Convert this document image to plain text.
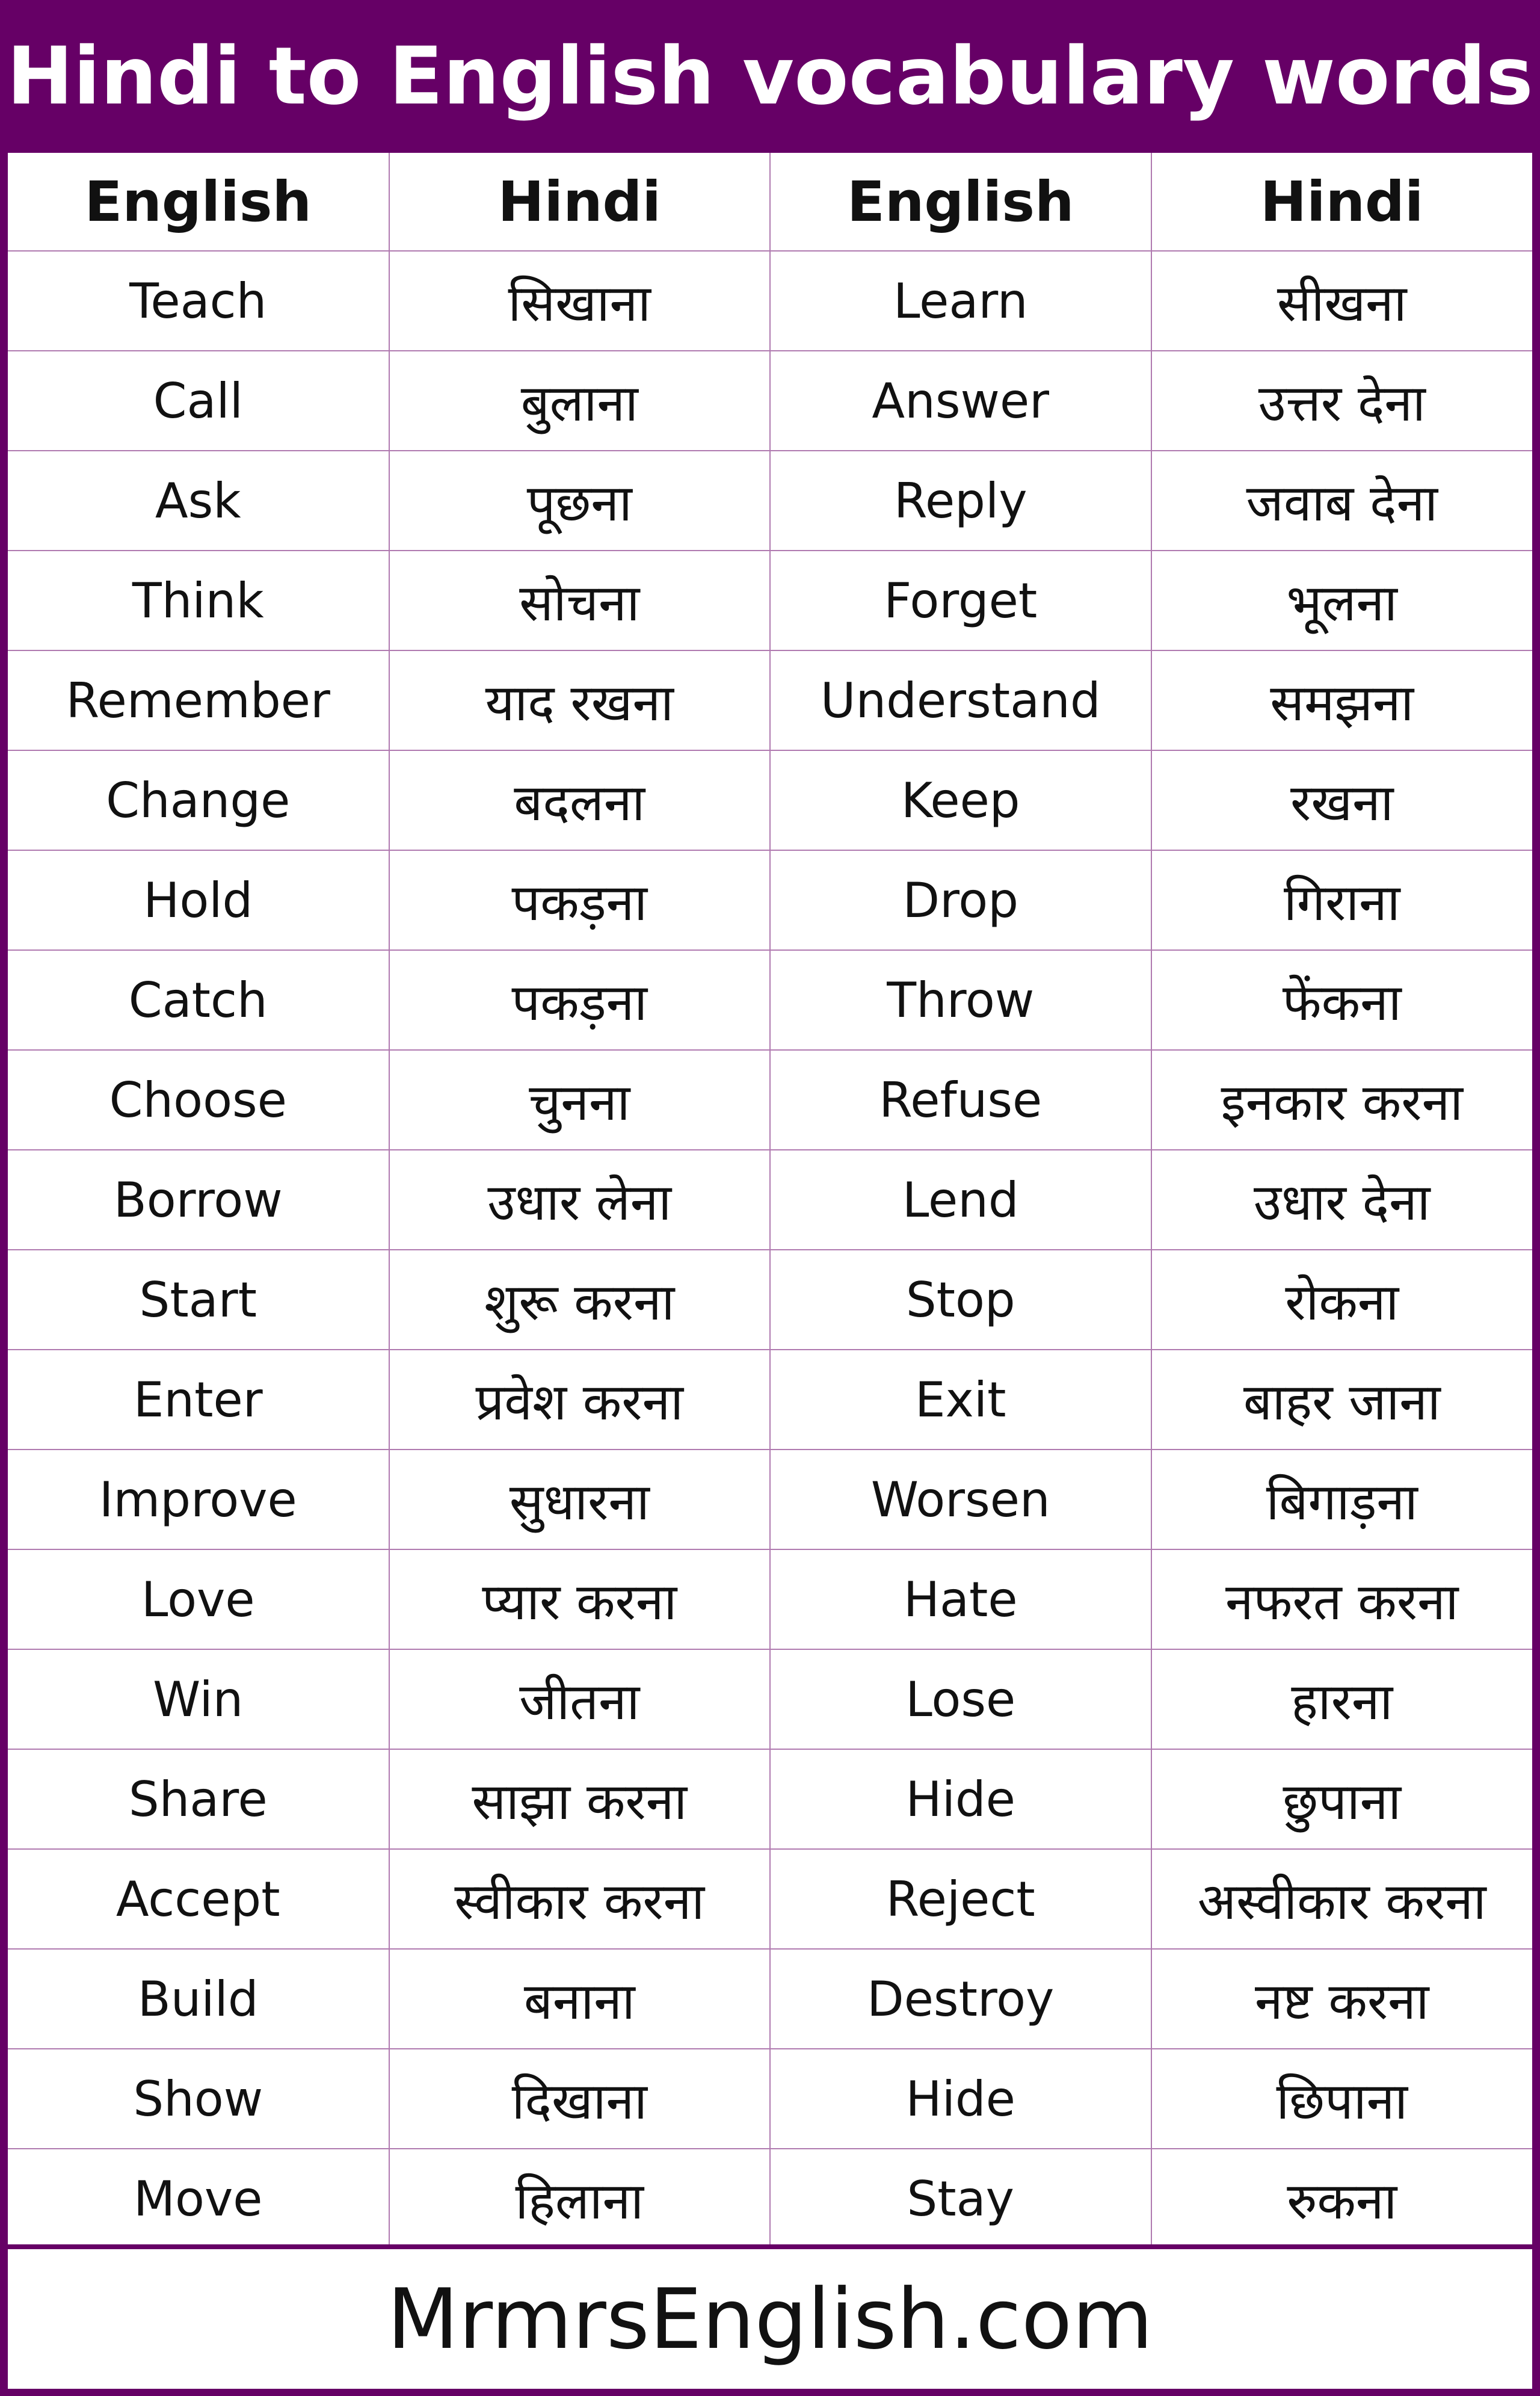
Hindi to English vocabulary words
English	Hindi	English	Hindi
Teach	सिखाना	Learn	सीखना
Call	बुलाना	Answer	उत्तर देना
Ask	पूछना	Reply	जवाब देना
Think	सोचना	Forget	भूलना
Remember	याद रखना	Understand	समझना
Change	बदलना	Keep	रखना
Hold	पकड़ना	Drop	गिराना
Catch	पकड़ना	Throw	फेंकना
Choose	चुनना	Refuse	इनकार करना
Borrow	उधार लेना	Lend	उधार देना
Start	शुरू करना	Stop	रोकना
Enter	प्रवेश करना	Exit	बाहर जाना
Improve	सुधारना	Worsen	बिगाड़ना
Love	प्यार करना	Hate	नफरत करना
Win	जीतना	Lose	हारना
Share	साझा करना	Hide	छुपाना
Accept	स्वीकार करना	Reject	अस्वीकार करना
Build	बनाना	Destroy	नष्ट करना
Show	दिखाना	Hide	छिपाना
Move	हिलाना	Stay	रुकना
MrmrsEnglish.com
